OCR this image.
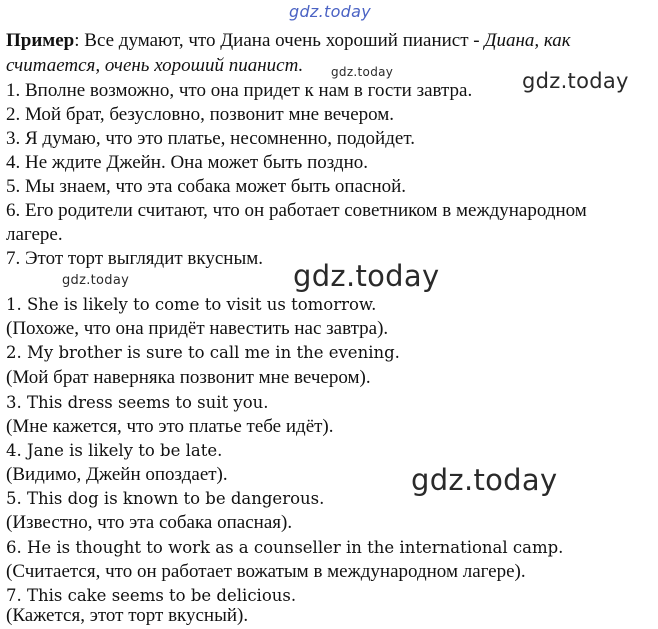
gdz.today
gdz.today	gdz.today
gdz.today	gdz.today
gdz.today
Пример: Все думают, что Диана очень хороший пианист - Диана, как
считается, очень хороший пианист.
1. Вполне возможно, что она придет к нам в гости завтра.
2. Мой брат, безусловно, позвонит мне вечером.
3. Я думаю, что это платье, несомненно, подойдет.
4. Не ждите Джейн. Она может быть поздно.
5. Мы знаем, что эта собака может быть опасной.
6. Его родители считают, что он работает советником в международном
лагере.
7. Этот торт выглядит вкусным.
1. She is likely to come to visit us tomorrow.
(Похоже, что она придёт навестить нас завтра).
2. My brother is sure to call me in the evening.
(Мой брат наверняка позвонит мне вечером).
3. This dress seems to suit you.
(Мне кажется, что это платье тебе идёт).
4. Jane is likely to be late.
(Видимо, Джейн опоздает).
5. This dog is known to be dangerous.
(Известно, что эта собака опасная).
6. He is thought to work as a counseller in the international camp.
(Считается, что он работает вожатым в международном лагере).
7. This cake seems to be delicious.
(Кажется, этот торт вкусный).
